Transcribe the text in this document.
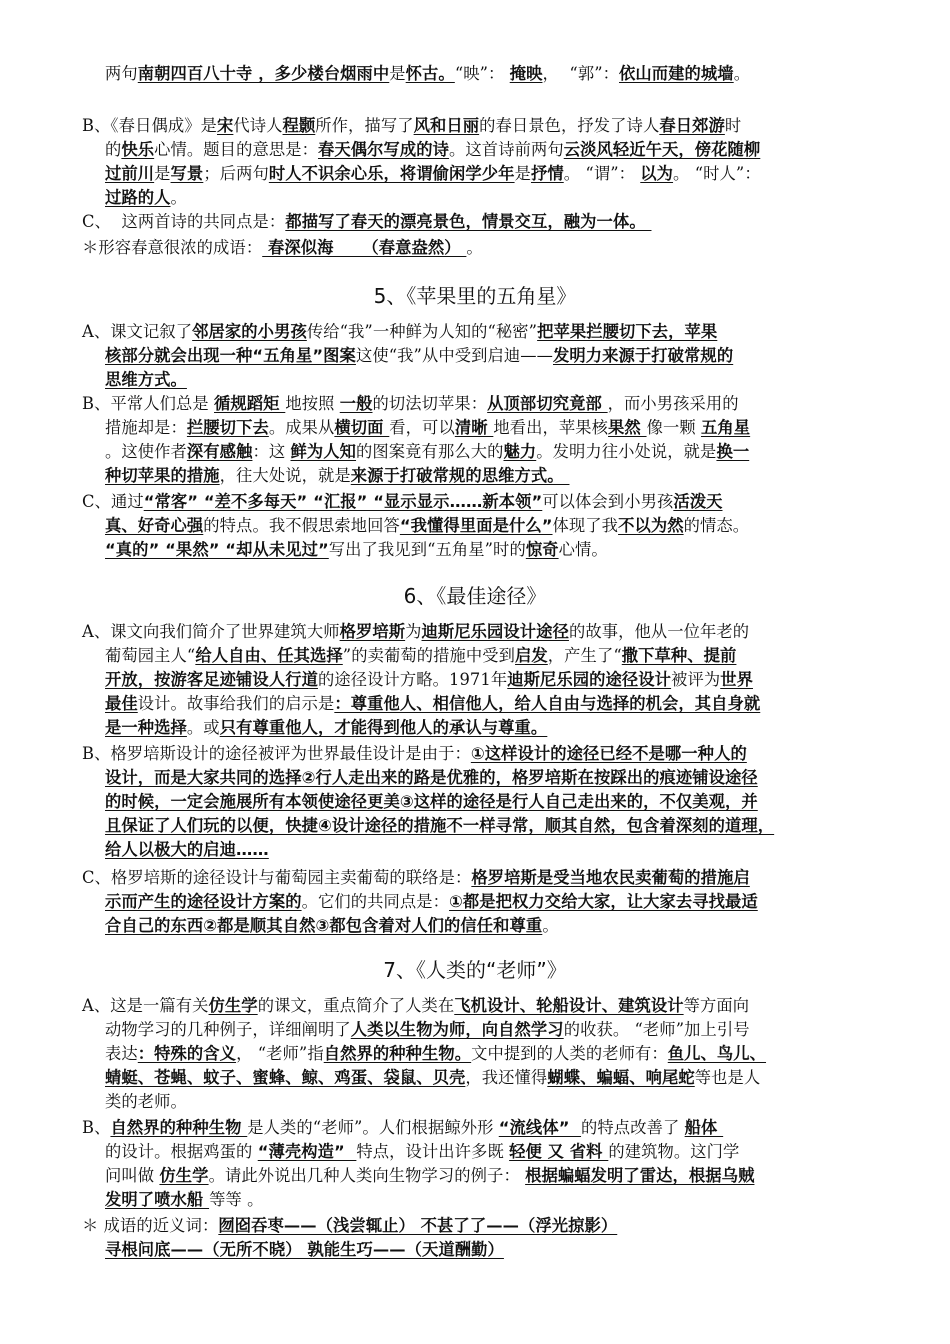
5、《苹果里的五角星》
6、《最佳途径》
7、《人类的“老师”》
两句南朝四百八十寺 ，多少楼台烟雨中是怀古。“映”： 掩映，  “郭”：依山而建的城墙。
B、《春日偶成》是宋代诗人程颢所作，描写了风和日丽的春日景色，抒发了诗人春日郊游时
的快乐心情。题目的意思是：春天偶尔写成的诗。这首诗前两句云淡风轻近午天，傍花随柳
过前川是写景；后两句时人不识余心乐，将谓偷闲学少年是抒情。 “谓”： 以为。 “时人”：
过路的人。
C、  这两首诗的共同点是：都描写了春天的漂亮景色，情景交互，融为一体。
＊形容春意很浓的成语： 春深似海     （春意盎然） 。
A、课文记叙了邻居家的小男孩传给“我”一种鲜为人知的“秘密”把苹果拦腰切下去，苹果
核部分就会出现一种“五角星”图案这使“我”从中受到启迪——发明力来源于打破常规的
思维方式。
B、平常人们总是 循规蹈矩 地按照 一般的切法切苹果：从顶部切究竟部 ，而小男孩采用的
措施却是：拦腰切下去。成果从横切面 看，可以清晰 地看出，苹果核果然 像一颗 五角星
。这使作者深有感触：这 鲜为人知的图案竟有那么大的魅力。发明力往小处说，就是换一
种切苹果的措施，往大处说，就是来源于打破常规的思维方式。
C、通过“常客” “差不多每天” “汇报” “显示显示……新本领”可以体会到小男孩活泼天
真、好奇心强的特点。我不假思索地回答“我懂得里面是什么”体现了我不以为然的情态。
“真的” “果然” “却从未见过”写出了我见到“五角星”时的惊奇心情。
A、课文向我们简介了世界建筑大师格罗培斯为迪斯尼乐园设计途径的故事，他从一位年老的
葡萄园主人“给人自由、任其选择”的卖葡萄的措施中受到启发，产生了“撒下草种、提前
开放，按游客足迹铺设人行道的途径设计方略。1971年迪斯尼乐园的途径设计被评为世界
最佳设计。故事给我们的启示是：尊重他人、相信他人，给人自由与选择的机会，其自身就
是一种选择。或只有尊重他人，才能得到他人的承认与尊重。
B、格罗培斯设计的途径被评为世界最佳设计是由于：①这样设计的途径已经不是哪一种人的
设计，而是大家共同的选择②行人走出来的路是优雅的，格罗培斯在按踩出的痕迹铺设途径
的时候，一定会施展所有本领使途径更美③这样的途径是行人自己走出来的，不仅美观，并
且保证了人们玩的以便，快捷④设计途径的措施不一样寻常，顺其自然，包含着深刻的道理，
给人以极大的启迪……
C、格罗培斯的途径设计与葡萄园主卖葡萄的联络是：格罗培斯是受当地农民卖葡萄的措施启
示而产生的途径设计方案的。它们的共同点是：①都是把权力交给大家，让大家去寻找最适
合自己的东西②都是顺其自然③都包含着对人们的信任和尊重。
A、这是一篇有关仿生学的课文，重点简介了人类在飞机设计、轮船设计、建筑设计等方面向
动物学习的几种例子，详细阐明了人类以生物为师，向自然学习的收获。 “老师”加上引号
表达：特殊的含义， “老师”指自然界的种种生物。文中提到的人类的老师有：鱼儿、鸟儿、
蜻蜓、苍蝇、蚊子、蜜蜂、鲸、鸡蛋、袋鼠、贝壳，我还懂得蝴蝶、蝙蝠、响尾蛇等也是人
类的老师。
B、自然界的种种生物 是人类的“老师”。人们根据鲸外形 “流线体”  的特点改善了 船体
的设计。根据鸡蛋的 “薄壳构造”  特点，设计出许多既 轻便 又 省料 的建筑物。这门学
问叫做 仿生学。请此外说出几种人类向生物学习的例子： 根据蝙蝠发明了雷达，根据乌贼
发明了喷水船 等等 。
＊ 成语的近义词：囫囵吞枣——（浅尝辄止） 不甚了了——（浮光掠影）
寻根问底——（无所不晓） 孰能生巧——（天道酬勤）
